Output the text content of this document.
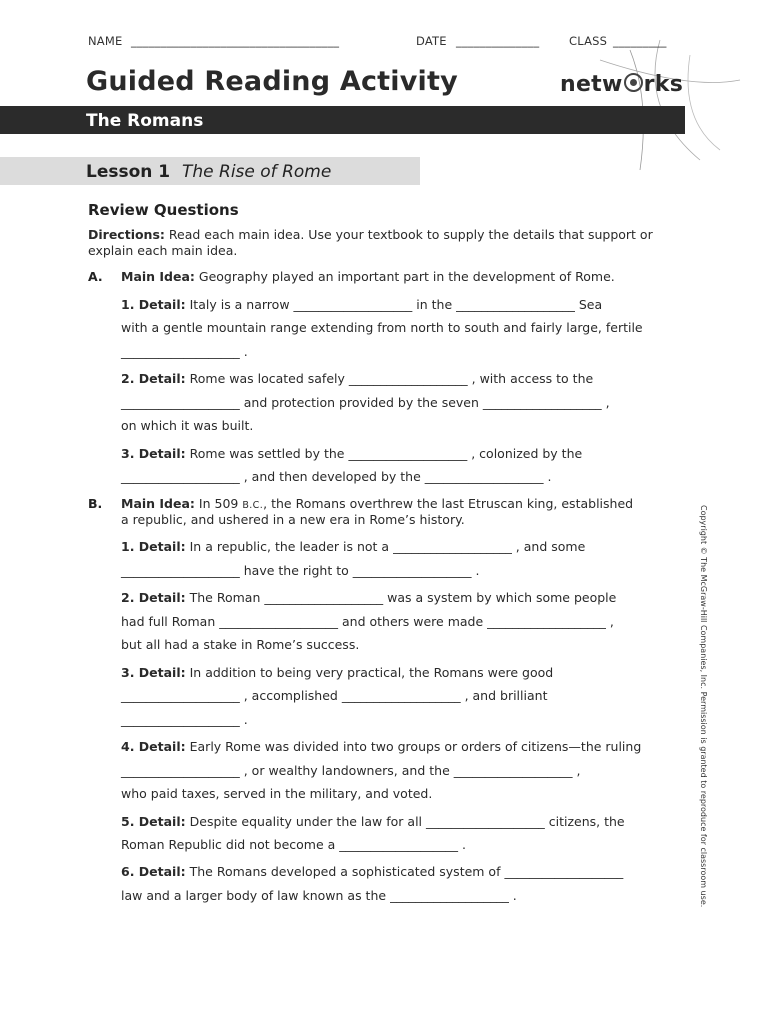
NAME ___________________________________	DATE ______________	CLASS _________
Guided Reading Activity	netw rks
The Romans
Lesson 1 The Rise of Rome
Review Questions
Directions: Read each main idea. Use your textbook to supply the details that support or explain each main idea.
A. Main Idea: Geography played an important part in the development of Rome.
1. Detail: Italy is a narrow ___________________ in the ___________________ Sea
with a gentle mountain range extending from north to south and fairly large, fertile
___________________ .
2. Detail: Rome was located safely ___________________ , with access to the
___________________ and protection provided by the seven ___________________ ,
on which it was built.
3. Detail: Rome was settled by the ___________________ , colonized by the
___________________ , and then developed by the ___________________ .
B. Main Idea: In 509 B.C., the Romans overthrew the last Etruscan king, established
a republic, and ushered in a new era in Rome’s history.
1. Detail: In a republic, the leader is not a ___________________ , and some
___________________ have the right to ___________________ .
2. Detail: The Roman ___________________ was a system by which some people
had full Roman ___________________ and others were made ___________________ ,
but all had a stake in Rome’s success.
3. Detail: In addition to being very practical, the Romans were good
___________________ , accomplished ___________________ , and brilliant
___________________ .
4. Detail: Early Rome was divided into two groups or orders of citizens—the ruling
___________________ , or wealthy landowners, and the ___________________ ,
who paid taxes, served in the military, and voted.
5. Detail: Despite equality under the law for all ___________________ citizens, the
Roman Republic did not become a ___________________ .
6. Detail: The Romans developed a sophisticated system of ___________________
law and a larger body of law known as the ___________________ .	Copyright © The McGraw-Hill Companies, Inc. Permission is granted to reproduce for classroom use.
